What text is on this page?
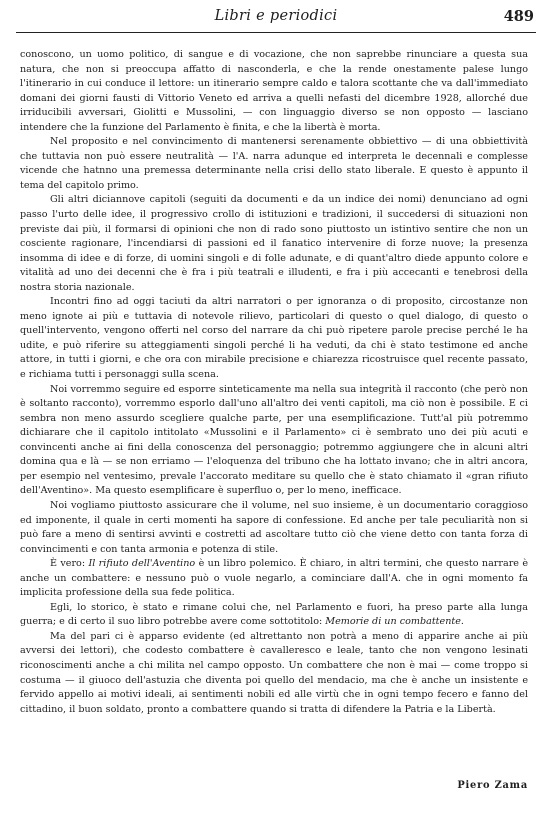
Libri e periodici	489

conoscono, un uomo politico, di sangue e di vocazione, che non saprebbe rinunciare a questa sua natura, che non si preoccupa affatto di nasconderla, e che la rende onestamente palese lungo l'itinerario in cui conduce il lettore: un itinerario sempre caldo e talora scottante che va dall'immediato domani dei giorni fausti di Vittorio Veneto ed arriva a quelli nefasti del dicembre 1928, allorché due irriducibili avversari, Giolitti e Mussolini, — con linguaggio diverso se non opposto — lasciano intendere che la funzione del Parlamento è finita, e che la libertà è morta.

Nel proposito e nel convincimento di mantenersi serenamente obbiettivo — di una obbiettività che tuttavia non può essere neutralità — l'A. narra adunque ed interpreta le decennali e complesse vicende che hatnno una premessa determinante nella crisi dello stato liberale. E questo è appunto il tema del capitolo primo.

Gli altri diciannove capitoli (seguiti da documenti e da un indice dei nomi) denunciano ad ogni passo l'urto delle idee, il progressivo crollo di istituzioni e tradizioni, il succedersi di situazioni non previste dai più, il formarsi di opinioni che non di rado sono piuttosto un istintivo sentire che non un cosciente ragionare, l'incendiarsi di passioni ed il fanatico intervenire di forze nuove; la presenza insomma di idee e di forze, di uomini singoli e di folle adunate, e di quant'altro diede appunto colore e vitalità ad uno dei decenni che è fra i più teatrali e illudenti, e fra i più accecanti e tenebrosi della nostra storia nazionale.

Incontri fino ad oggi taciuti da altri narratori o per ignoranza o di proposito, circostanze non meno ignote ai più e tuttavia di notevole rilievo, particolari di questo o quel dialogo, di questo o quell'intervento, vengono offerti nel corso del narrare da chi può ripetere parole precise perché le ha udite, e può riferire su atteggiamenti singoli perché li ha veduti, da chi è stato testimone ed anche attore, in tutti i giorni, e che ora con mirabile precisione e chiarezza ricostruisce quel recente passato, e richiama tutti i personaggi sulla scena.

Noi vorremmo seguire ed esporre sinteticamente ma nella sua integrità il racconto (che però non è soltanto racconto), vorremmo esporlo dall'uno all'altro dei venti capitoli, ma ciò non è possibile. E ci sembra non meno assurdo scegliere qualche parte, per una esemplificazione. Tutt'al più potremmo dichiarare che il capitolo intitolato «Mussolini e il Parlamento» ci è sembrato uno dei più acuti e convincenti anche ai fini della conoscenza del personaggio; potremmo aggiungere che in alcuni altri domina qua e là — se non erriamo — l'eloquenza del tribuno che ha lottato invano; che in altri ancora, per esempio nel ventesimo, prevale l'accorato meditare su quello che è stato chiamato il «gran rifiuto dell'Aventino». Ma questo esemplificare è superfluo o, per lo meno, inefficace.

Noi vogliamo piuttosto assicurare che il volume, nel suo insieme, è un documentario coraggioso ed imponente, il quale in certi momenti ha sapore di confessione. Ed anche per tale peculiarità non si può fare a meno di sentirsi avvinti e costretti ad ascoltare tutto ciò che viene detto con tanta forza di convincimenti e con tanta armonia e potenza di stile.

È vero: Il rifiuto dell'Aventino è un libro polemico. È chiaro, in altri termini, che questo narrare è anche un combattere: e nessuno può o vuole negarlo, a cominciare dall'A. che in ogni momento fa implicita professione della sua fede politica.

Egli, lo storico, è stato e rimane colui che, nel Parlamento e fuori, ha preso parte alla lunga guerra; e di certo il suo libro potrebbe avere come sottotitolo: Memorie di un combattente.

Ma del pari ci è apparso evidente (ed altrettanto non potrà a meno di apparire anche ai più avversi dei lettori), che codesto combattere è cavalleresco e leale, tanto che non vengono lesinati riconoscimenti anche a chi milita nel campo opposto. Un combattere che non è mai — come troppo si costuma — il giuoco dell'astuzia che diventa poi quello del mendacio, ma che è anche un insistente e fervido appello ai motivi ideali, ai sentimenti nobili ed alle virtù che in ogni tempo fecero e fanno del cittadino, il buon soldato, pronto a combattere quando si tratta di difendere la Patria e la Libertà.

Piero Zama
